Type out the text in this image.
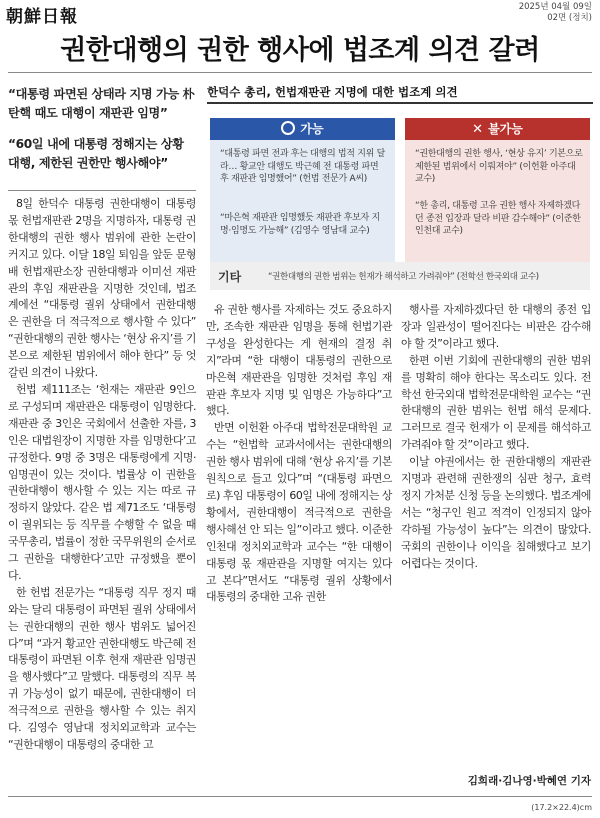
朝鮮日報	2025년 04월 09일
02면 (정치)
권한대행의 권한 행사에 법조계 의견 갈려
“대통령 파면된 상태라 지명 가능 朴 탄핵 때도 대행이 재판관 임명”
“60일 내에 대통령 정해지는 상황 대행, 제한된 권한만 행사해야”
한덕수 총리, 헌법재판관 지명에 대한 법조계 의견
가능	✕ 불가능
“대통령 파면 전과 후는 대행의 법적 지위 달라… 황교안 대행도 박근혜 전 대통령 파면 후 재판관 임명했어” (헌법 전문가 A씨)
“마은혁 재판관 임명했듯 재판관 후보자 지명·임명도 가능해” (김영수 영남대 교수)
“권한대행의 권한 행사, ‘현상 유지’ 기본으로 제한된 범위에서 이뤄져야” (이헌환 아주대 교수)
“한 총리, 대통령 고유 권한 행사 자제하겠다던 종전 입장과 달라 비판 감수해야” (이준한 인천대 교수)
기타	“권한대행의 권한 범위는 헌재가 해석하고 가려줘야” (전학선 한국외대 교수)

8일 한덕수 대통령 권한대행이 대통령 몫 헌법재판관 2명을 지명하자, 대통령 권한대행의 권한 행사 범위에 관한 논란이 커지고 있다. 이달 18일 퇴임을 앞둔 문형배 헌법재판소장 권한대행과 이미선 재판관의 후임 재판관을 지명한 것인데, 법조계에선 “대통령 궐위 상태에서 권한대행은 권한을 더 적극적으로 행사할 수 있다” “권한대행의 권한 행사는 ‘현상 유지’를 기본으로 제한된 범위에서 해야 한다” 등 엇갈린 의견이 나왔다.

헌법 제111조는 ‘헌재는 재판관 9인으로 구성되며 재판관은 대통령이 임명한다. 재판관 중 3인은 국회에서 선출한 자를, 3인은 대법원장이 지명한 자를 임명한다’고 규정한다. 9명 중 3명은 대통령에게 지명·임명권이 있는 것이다. 법률상 이 권한을 권한대행이 행사할 수 있는 지는 따로 규정하지 않았다. 같은 법 제71조도 ‘대통령이 궐위되는 등 직무를 수행할 수 없을 때 국무총리, 법률이 정한 국무위원의 순서로 그 권한을 대행한다’고만 규정했을 뿐이다.

한 헌법 전문가는 “대통령 직무 정지 때와는 달리 대통령이 파면된 궐위 상태에서는 권한대행의 권한 행사 범위도 넓어진다”며 “과거 황교안 권한대행도 박근혜 전 대통령이 파면된 이후 현재 재판관 임명권을 행사했다”고 말했다. 대통령의 직무 복귀 가능성이 없기 때문에, 권한대행이 더 적극적으로 권한을 행사할 수 있는 취지다. 김영수 영남대 정치외교학과 교수는 “권한대행이 대통령의 중대한 고

유 권한 행사를 자제하는 것도 중요하지만, 조속한 재판관 임명을 통해 헌법기관 구성을 완성한다는 게 현재의 결정 취지”라며 “한 대행이 대통령의 권한으로 마은혁 재판관을 임명한 것처럼 후임 재판관 후보자 지명 및 임명은 가능하다”고 했다.

반면 이헌환 아주대 법학전문대학원 교수는 “헌법학 교과서에서는 권한대행의 권한 행사 범위에 대해 ‘현상 유지’를 기본 원칙으로 들고 있다”며 “(대통령 파면으로) 후임 대통령이 60일 내에 정해지는 상황에서, 권한대행이 적극적으로 권한을 행사해선 안 되는 일”이라고 했다. 이준한 인천대 정치외교학과 교수는 “한 대행이 대통령 몫 재판관을 지명할 여지는 있다고 본다”면서도 “대통령 궐위 상황에서 대통령의 중대한 고유 권한

행사를 자제하겠다던 한 대행의 종전 입장과 일관성이 떨어진다는 비판은 감수해야 할 것”이라고 했다.

한편 이번 기회에 권한대행의 권한 범위를 명확히 해야 한다는 목소리도 있다. 전학선 한국외대 법학전문대학원 교수는 “권한대행의 권한 범위는 헌법 해석 문제다. 그러므로 결국 헌재가 이 문제를 해석하고 가려줘야 할 것”이라고 했다.

이날 야권에서는 한 권한대행의 재판관 지명과 관련해 권한쟁의 심판 청구, 효력 정지 가처분 신청 등을 논의했다. 법조계에서는 “청구인 원고 적격이 인정되지 않아 각하될 가능성이 높다”는 의견이 많았다. 국회의 권한이나 이익을 침해했다고 보기 어렵다는 것이다.

김희래·김나영·박혜연 기자
(17.2×22.4)cm
